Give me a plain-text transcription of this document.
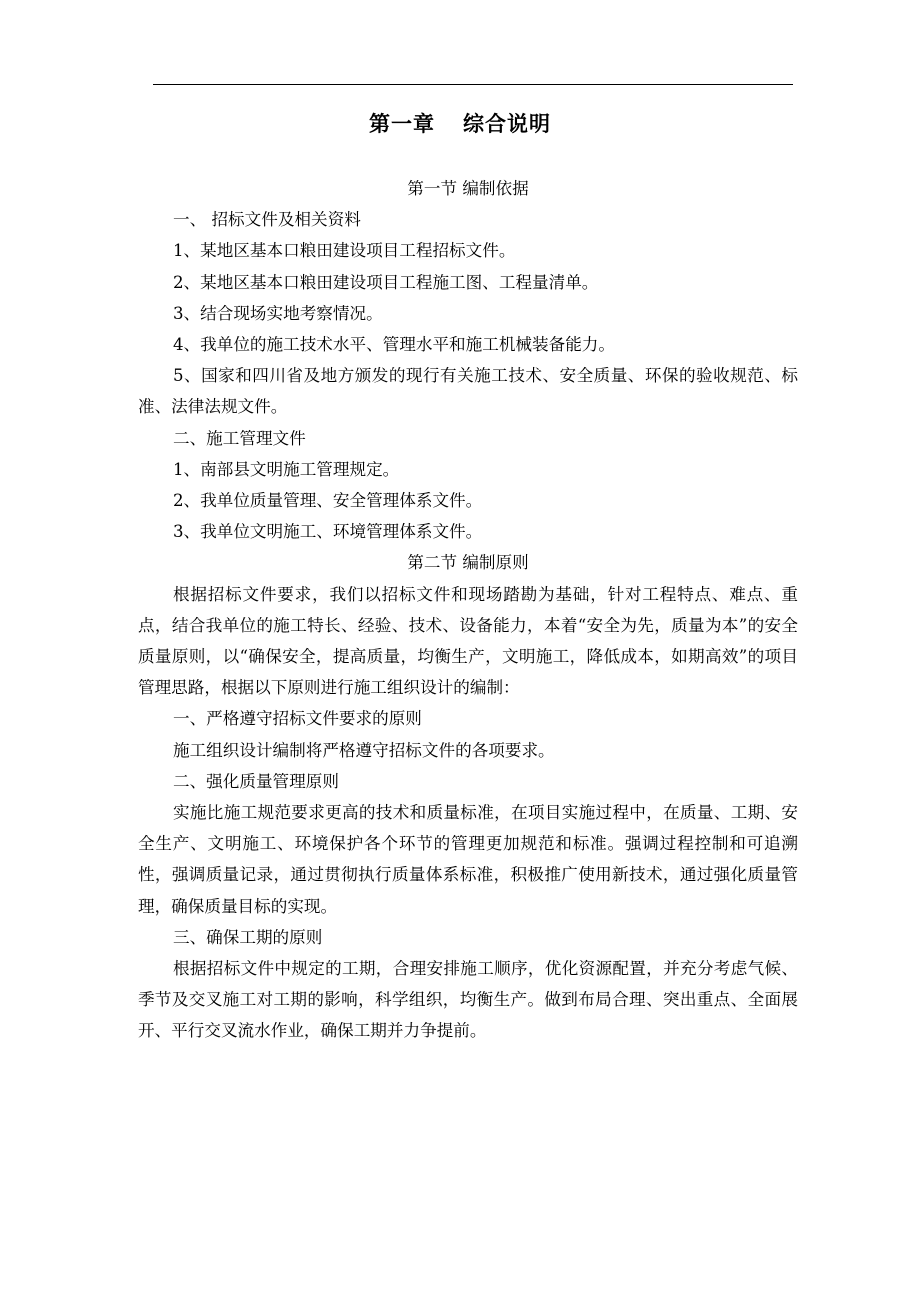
第一章 综合说明

第一节 编制依据

一、 招标文件及相关资料

1、某地区基本口粮田建设项目工程招标文件。

2、某地区基本口粮田建设项目工程施工图、工程量清单。

3、结合现场实地考察情况。

4、我单位的施工技术水平、管理水平和施工机械装备能力。

5、国家和四川省及地方颁发的现行有关施工技术、安全质量、环保的验收规范、标准、法律法规文件。

二、施工管理文件

1、南部县文明施工管理规定。

2、我单位质量管理、安全管理体系文件。

3、我单位文明施工、环境管理体系文件。

第二节 编制原则

根据招标文件要求，我们以招标文件和现场踏勘为基础，针对工程特点、难点、重点，结合我单位的施工特长、经验、技术、设备能力，本着“安全为先，质量为本”的安全质量原则，以“确保安全，提高质量，均衡生产，文明施工，降低成本，如期高效”的项目管理思路，根据以下原则进行施工组织设计的编制：

一、严格遵守招标文件要求的原则

施工组织设计编制将严格遵守招标文件的各项要求。

二、强化质量管理原则

实施比施工规范要求更高的技术和质量标准，在项目实施过程中，在质量、工期、安全生产、文明施工、环境保护各个环节的管理更加规范和标准。强调过程控制和可追溯性，强调质量记录，通过贯彻执行质量体系标准，积极推广使用新技术，通过强化质量管理，确保质量目标的实现。

三、确保工期的原则

根据招标文件中规定的工期，合理安排施工顺序，优化资源配置，并充分考虑气候、季节及交叉施工对工期的影响，科学组织，均衡生产。做到布局合理、突出重点、全面展开、平行交叉流水作业，确保工期并力争提前。
